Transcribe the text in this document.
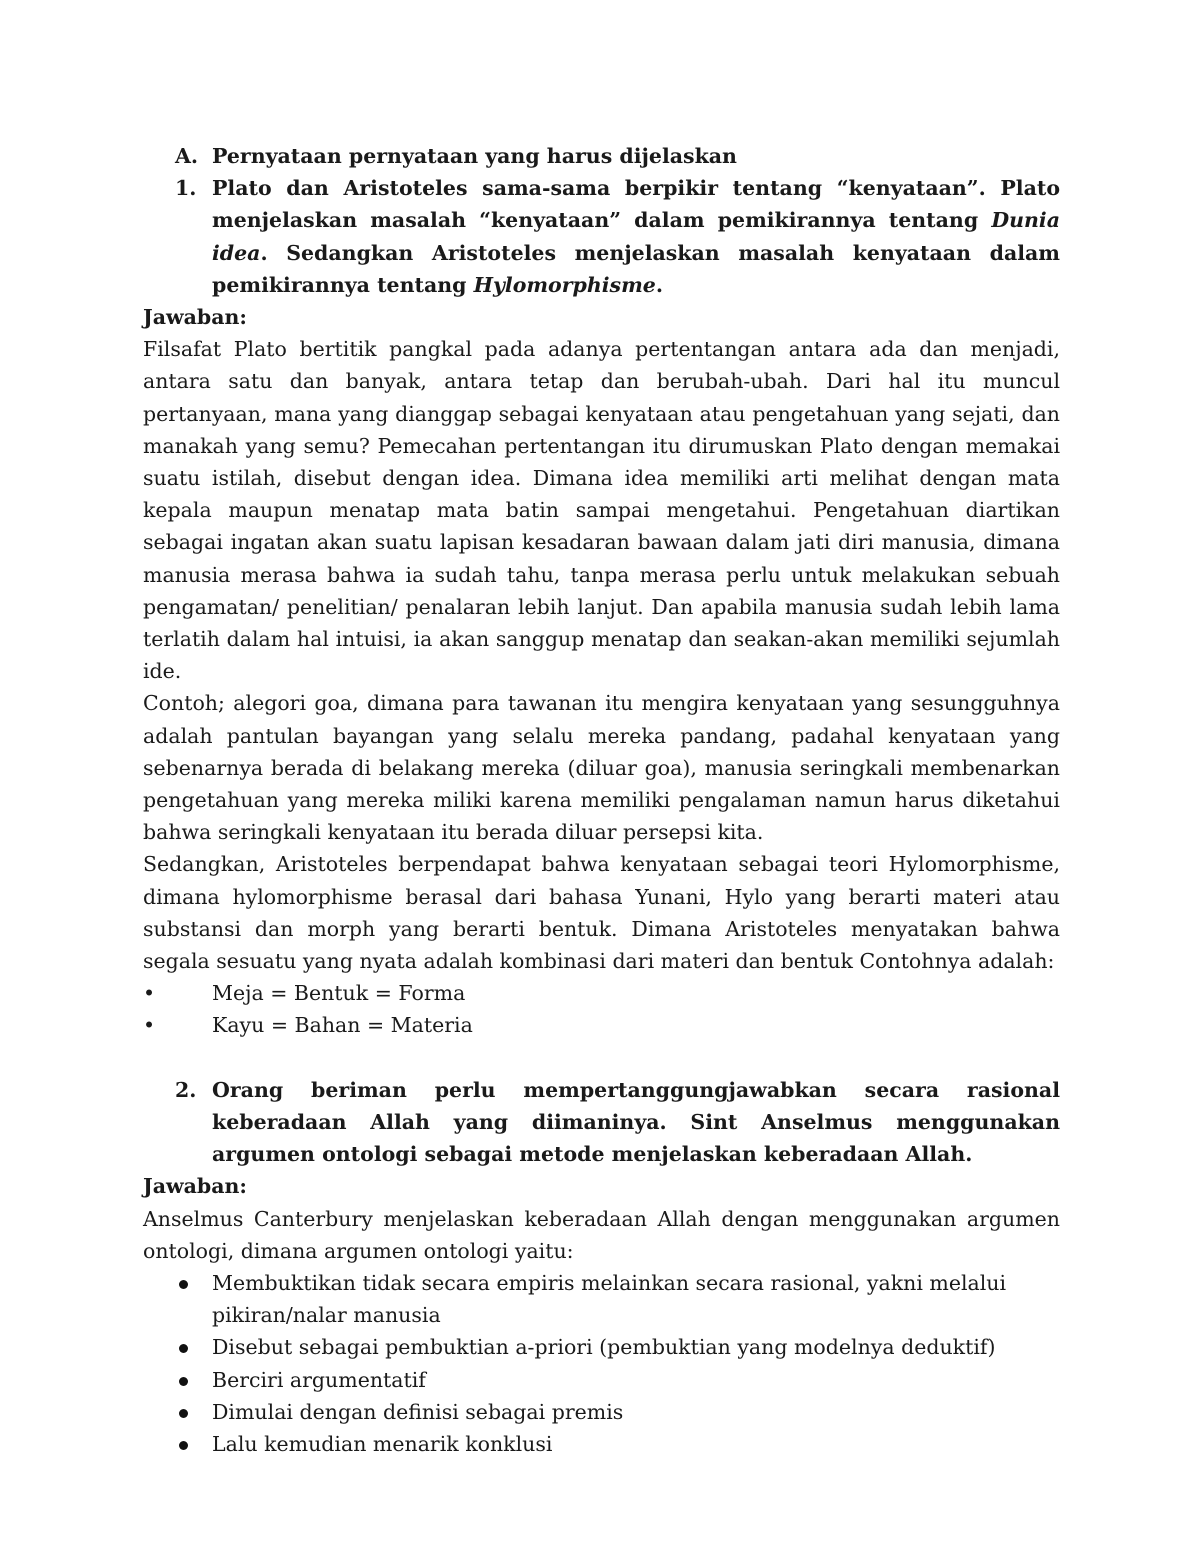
A. Pernyataan pernyataan yang harus dijelaskan
1. Plato dan Aristoteles sama-sama berpikir tentang “kenyataan”. Plato menjelaskan masalah “kenyataan” dalam pemikirannya tentang Dunia idea. Sedangkan Aristoteles menjelaskan masalah kenyataan dalam pemikirannya tentang Hylomorphisme.
Jawaban:

Filsafat Plato bertitik pangkal pada adanya pertentangan antara ada dan menjadi, antara satu dan banyak, antara tetap dan berubah-ubah. Dari hal itu muncul pertanyaan, mana yang dianggap sebagai kenyataan atau pengetahuan yang sejati, dan manakah yang semu? Pemecahan pertentangan itu dirumuskan Plato dengan memakai suatu istilah, disebut dengan idea. Dimana idea memiliki arti melihat dengan mata kepala maupun menatap mata batin sampai mengetahui. Pengetahuan diartikan sebagai ingatan akan suatu lapisan kesadaran bawaan dalam jati diri manusia, dimana manusia merasa bahwa ia sudah tahu, tanpa merasa perlu untuk melakukan sebuah pengamatan/ penelitian/ penalaran lebih lanjut. Dan apabila manusia sudah lebih lama terlatih dalam hal intuisi, ia akan sanggup menatap dan seakan-akan memiliki sejumlah ide.

Contoh; alegori goa, dimana para tawanan itu mengira kenyataan yang sesungguhnya adalah pantulan bayangan yang selalu mereka pandang, padahal kenyataan yang sebenarnya berada di belakang mereka (diluar goa), manusia seringkali membenarkan pengetahuan yang mereka miliki karena memiliki pengalaman namun harus diketahui bahwa seringkali kenyataan itu berada diluar persepsi kita.

Sedangkan, Aristoteles berpendapat bahwa kenyataan sebagai teori Hylomorphisme, dimana hylomorphisme berasal dari bahasa Yunani, Hylo yang berarti materi atau substansi dan morph yang berarti bentuk. Dimana Aristoteles menyatakan bahwa segala sesuatu yang nyata adalah kombinasi dari materi dan bentuk Contohnya adalah:

•	Meja = Bentuk = Forma
•	Kayu = Bahan = Materia
2. Orang beriman perlu mempertanggungjawabkan secara rasional keberadaan Allah yang diimaninya. Sint Anselmus menggunakan argumen ontologi sebagai metode menjelaskan keberadaan Allah.
Jawaban:

Anselmus Canterbury menjelaskan keberadaan Allah dengan menggunakan argumen ontologi, dimana argumen ontologi yaitu:

Membuktikan tidak secara empiris melainkan secara rasional, yakni melalui pikiran/nalar manusia
Disebut sebagai pembuktian a-priori (pembuktian yang modelnya deduktif)
Berciri argumentatif
Dimulai dengan definisi sebagai premis
Lalu kemudian menarik konklusi
